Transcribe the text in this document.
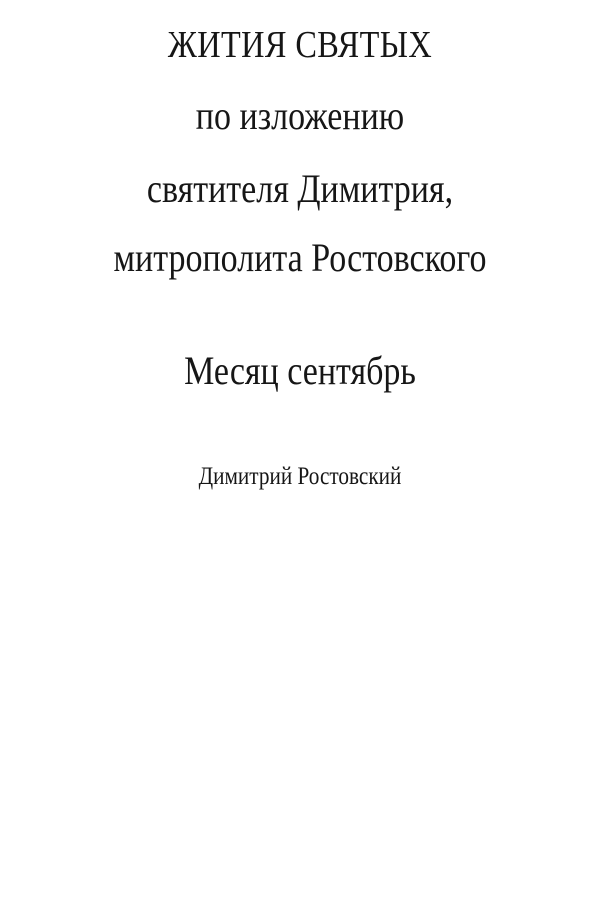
ЖИТИЯ СВЯТЫХ
по изложению
святителя Димитрия,
митрополита Ростовского
Месяц сентябрь
Димитрий Ростовский
